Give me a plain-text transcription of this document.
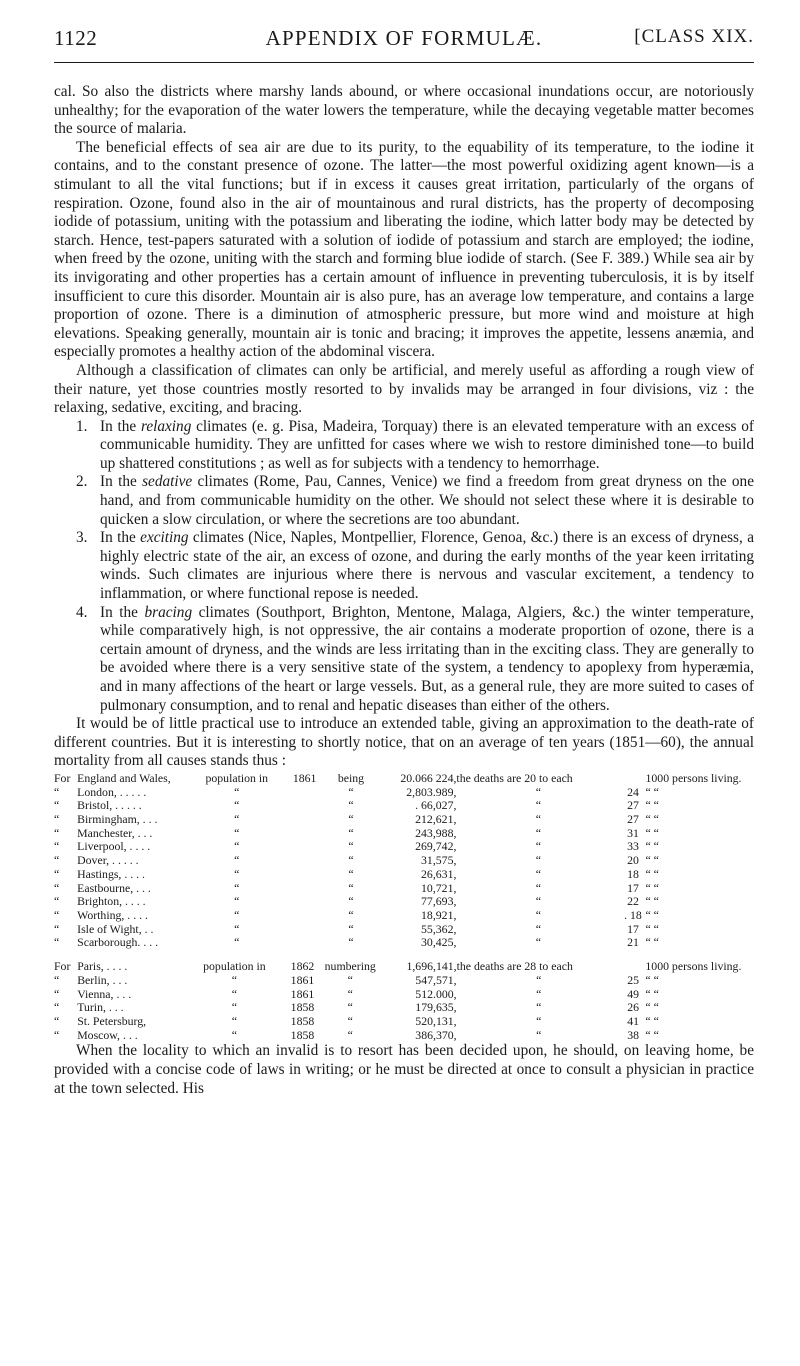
1122	APPENDIX OF FORMULÆ.	[CLASS XIX.

cal. So also the districts where marshy lands abound, or where occasional inundations occur, are notoriously unhealthy; for the evaporation of the water lowers the temperature, while the decaying vegetable matter becomes the source of malaria.

The beneficial effects of sea air are due to its purity, to the equability of its temperature, to the iodine it contains, and to the constant presence of ozone. The latter—the most powerful oxidizing agent known—is a stimulant to all the vital functions; but if in excess it causes great irritation, particularly of the organs of respiration. Ozone, found also in the air of mountainous and rural districts, has the property of decomposing iodide of potassium, uniting with the potassium and liberating the iodine, which latter body may be detected by starch. Hence, test-papers saturated with a solution of iodide of potassium and starch are employed; the iodine, when freed by the ozone, uniting with the starch and forming blue iodide of starch. (See F. 389.) While sea air by its invigorating and other properties has a certain amount of influence in preventing tuberculosis, it is by itself insufficient to cure this disorder. Mountain air is also pure, has an average low temperature, and contains a large proportion of ozone. There is a diminution of atmospheric pressure, but more wind and moisture at high elevations. Speaking generally, mountain air is tonic and bracing; it improves the appetite, lessens anæmia, and especially promotes a healthy action of the abdominal viscera.

Although a classification of climates can only be artificial, and merely useful as affording a rough view of their nature, yet those countries mostly resorted to by invalids may be arranged in four divisions, viz : the relaxing, sedative, exciting, and bracing.

1. In the relaxing climates (e. g. Pisa, Madeira, Torquay) there is an elevated temperature with an excess of communicable humidity. They are unfitted for cases where we wish to restore diminished tone—to build up shattered constitutions ; as well as for subjects with a tendency to hemorrhage.
2. In the sedative climates (Rome, Pau, Cannes, Venice) we find a freedom from great dryness on the one hand, and from communicable humidity on the other. We should not select these where it is desirable to quicken a slow circulation, or where the secretions are too abundant.
3. In the exciting climates (Nice, Naples, Montpellier, Florence, Genoa, &c.) there is an excess of dryness, a highly electric state of the air, an excess of ozone, and during the early months of the year keen irritating winds. Such climates are injurious where there is nervous and vascular excitement, a tendency to inflammation, or where functional repose is needed.
4. In the bracing climates (Southport, Brighton, Mentone, Malaga, Algiers, &c.) the winter temperature, while comparatively high, is not oppressive, the air contains a moderate proportion of ozone, there is a certain amount of dryness, and the winds are less irritating than in the exciting class. They are generally to be avoided where there is a very sensitive state of the system, a tendency to apoplexy from hyperæmia, and in many affections of the heart or large vessels. But, as a general rule, they are more suited to cases of pulmonary consumption, and to renal and hepatic diseases than either of the others.

It would be of little practical use to introduce an extended table, giving an approximation to the death-rate of different countries. But it is interesting to shortly notice, that on an average of ten years (1851—60), the annual mortality from all causes stands thus :

For	England and Wales,	population in	1861	being	20.066 224,	the deaths are 20 to each		1000 persons living.
“	London, . . . . .	“		“	2,803.989,	“	24	“ “
“	Bristol, . . . . .	“		“	. 66,027,	“	27	“ “
“	Birmingham, . . .	“		“	212,621,	“	27	“ “
“	Manchester, . . .	“		“	243,988,	“	31	“ “
“	Liverpool, . . . .	“		“	269,742,	“	33	“ “
“	Dover, . . . . .	“		“	31,575,	“	20	“ “
“	Hastings, . . . .	“		“	26,631,	“	18	“ “
“	Eastbourne, . . .	“		“	10,721,	“	17	“ “
“	Brighton, . . . .	“		“	77,693,	“	22	“ “
“	Worthing, . . . .	“		“	18,921,	“	. 18	“ “
“	Isle of Wight, . .	“		“	55,362,	“	17	“ “
“	Scarborough. . . .	“		“	30,425,	“	21	“ “
For	Paris, . . . .	population in	1862	numbering	1,696,141,	the deaths are 28 to each		1000 persons living.
“	Berlin, . . .	“	1861	“	547,571,	“	25	“ “
“	Vienna, . . .	“	1861	“	512.000,	“	49	“ “
“	Turin, . . .	“	1858	“	179,635,	“	26	“ “
“	St. Petersburg,	“	1858	“	520,131,	“	41	“ “
“	Moscow, . . .	“	1858	“	386,370,	“	38	“ “

When the locality to which an invalid is to resort has been decided upon, he should, on leaving home, be provided with a concise code of laws in writing; or he must be directed at once to consult a physician in practice at the town selected. His
